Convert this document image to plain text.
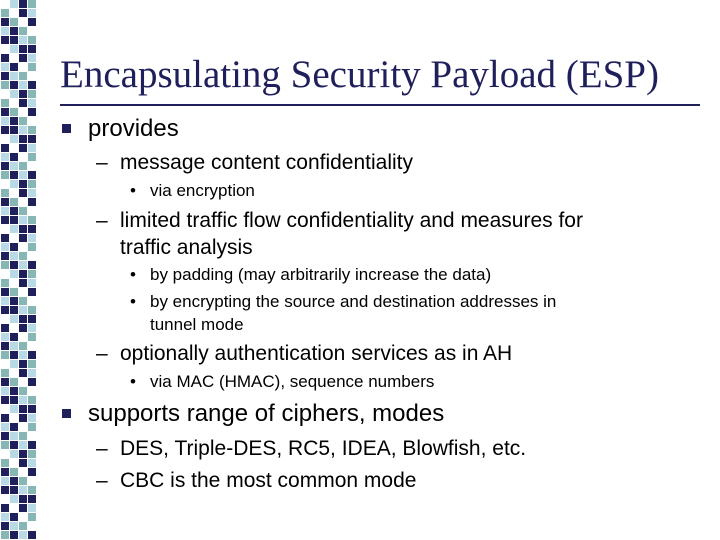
Encapsulating Security Payload (ESP)
provides
– message content confidentiality
• via encryption
– limited traffic flow confidentiality and measures for
traffic analysis
• by padding (may arbitrarily increase the data)
• by encrypting the source and destination addresses in
tunnel mode
– optionally authentication services as in AH
• via MAC (HMAC), sequence numbers
supports range of ciphers, modes
– DES, Triple-DES, RC5, IDEA, Blowfish, etc.
– CBC is the most common mode
